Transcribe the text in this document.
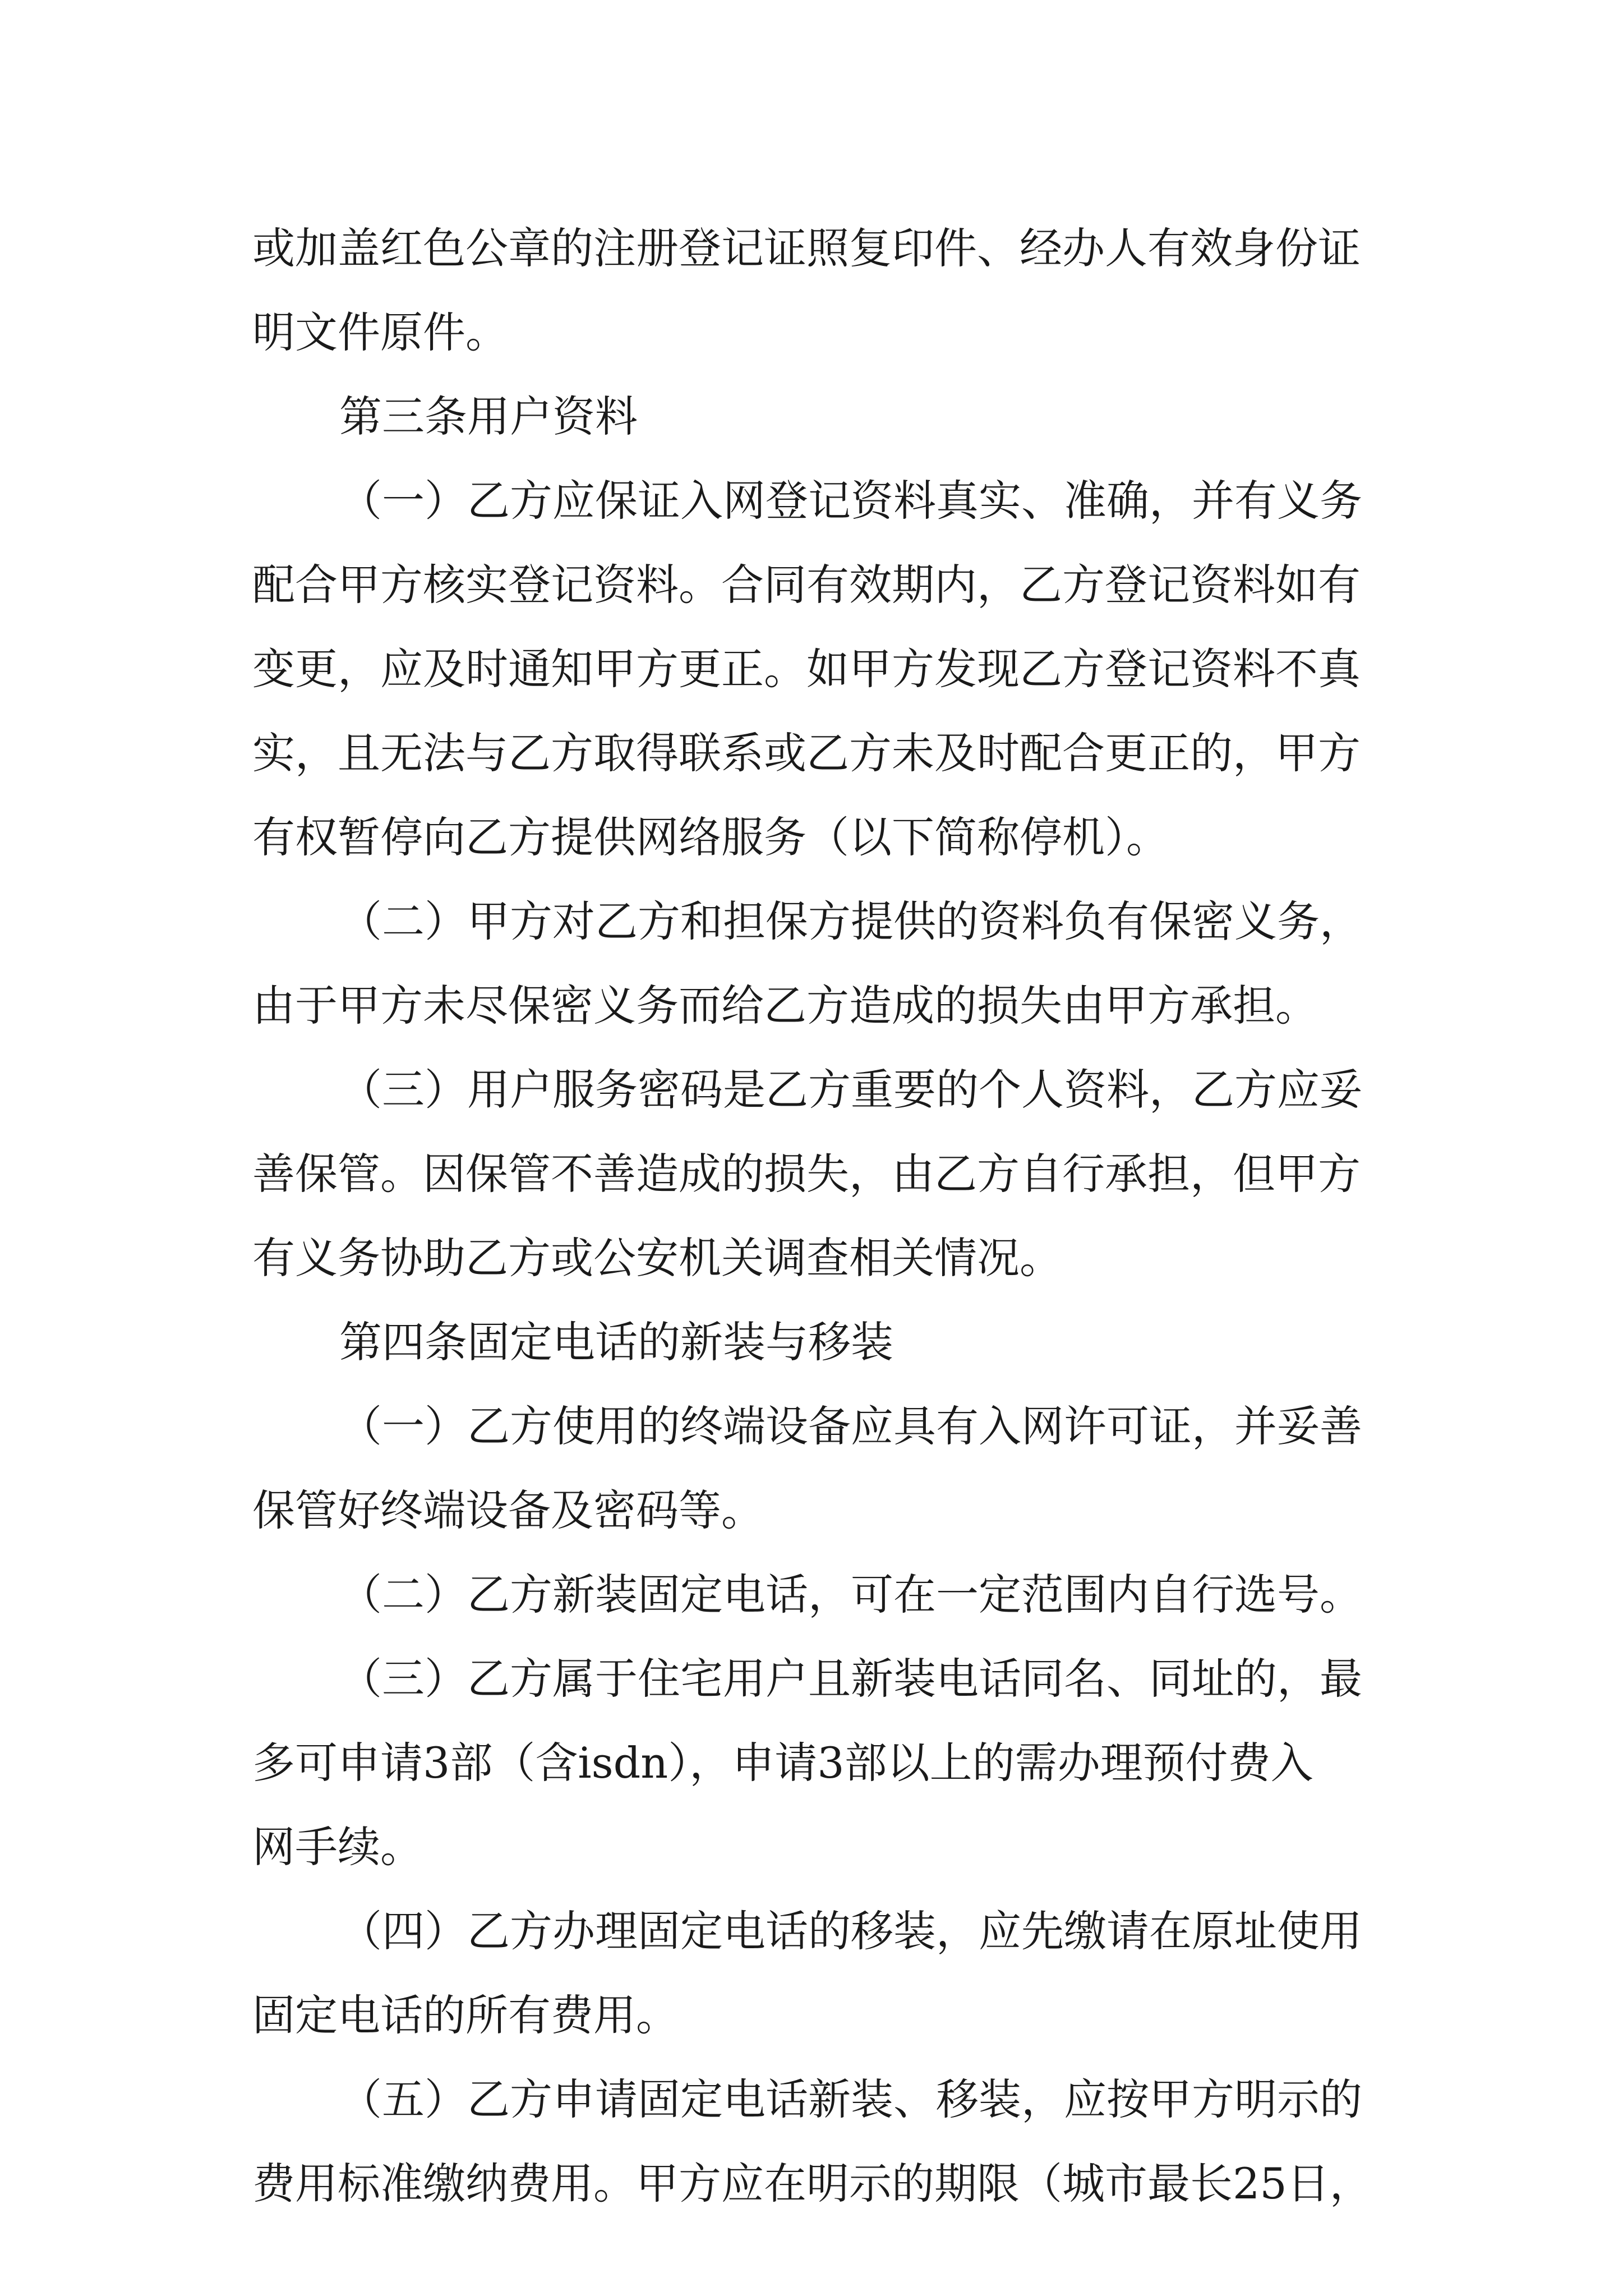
或加盖红色公章的注册登记证照复印件、经办人有效身份证
明文件原件。
第三条用户资料
（一）乙方应保证入网登记资料真实、准确，并有义务
配合甲方核实登记资料。合同有效期内，乙方登记资料如有
变更，应及时通知甲方更正。如甲方发现乙方登记资料不真
实，且无法与乙方取得联系或乙方未及时配合更正的，甲方
有权暂停向乙方提供网络服务（以下简称停机）。
（二）甲方对乙方和担保方提供的资料负有保密义务，
由于甲方未尽保密义务而给乙方造成的损失由甲方承担。
（三）用户服务密码是乙方重要的个人资料，乙方应妥
善保管。因保管不善造成的损失，由乙方自行承担，但甲方
有义务协助乙方或公安机关调查相关情况。
第四条固定电话的新装与移装
（一）乙方使用的终端设备应具有入网许可证，并妥善
保管好终端设备及密码等。
（二）乙方新装固定电话，可在一定范围内自行选号。
（三）乙方属于住宅用户且新装电话同名、同址的，最
多可申请3部（含isdn），申请3部以上的需办理预付费入
网手续。
（四）乙方办理固定电话的移装，应先缴请在原址使用
固定电话的所有费用。
（五）乙方申请固定电话新装、移装，应按甲方明示的
费用标准缴纳费用。甲方应在明示的期限（城市最长25日，
